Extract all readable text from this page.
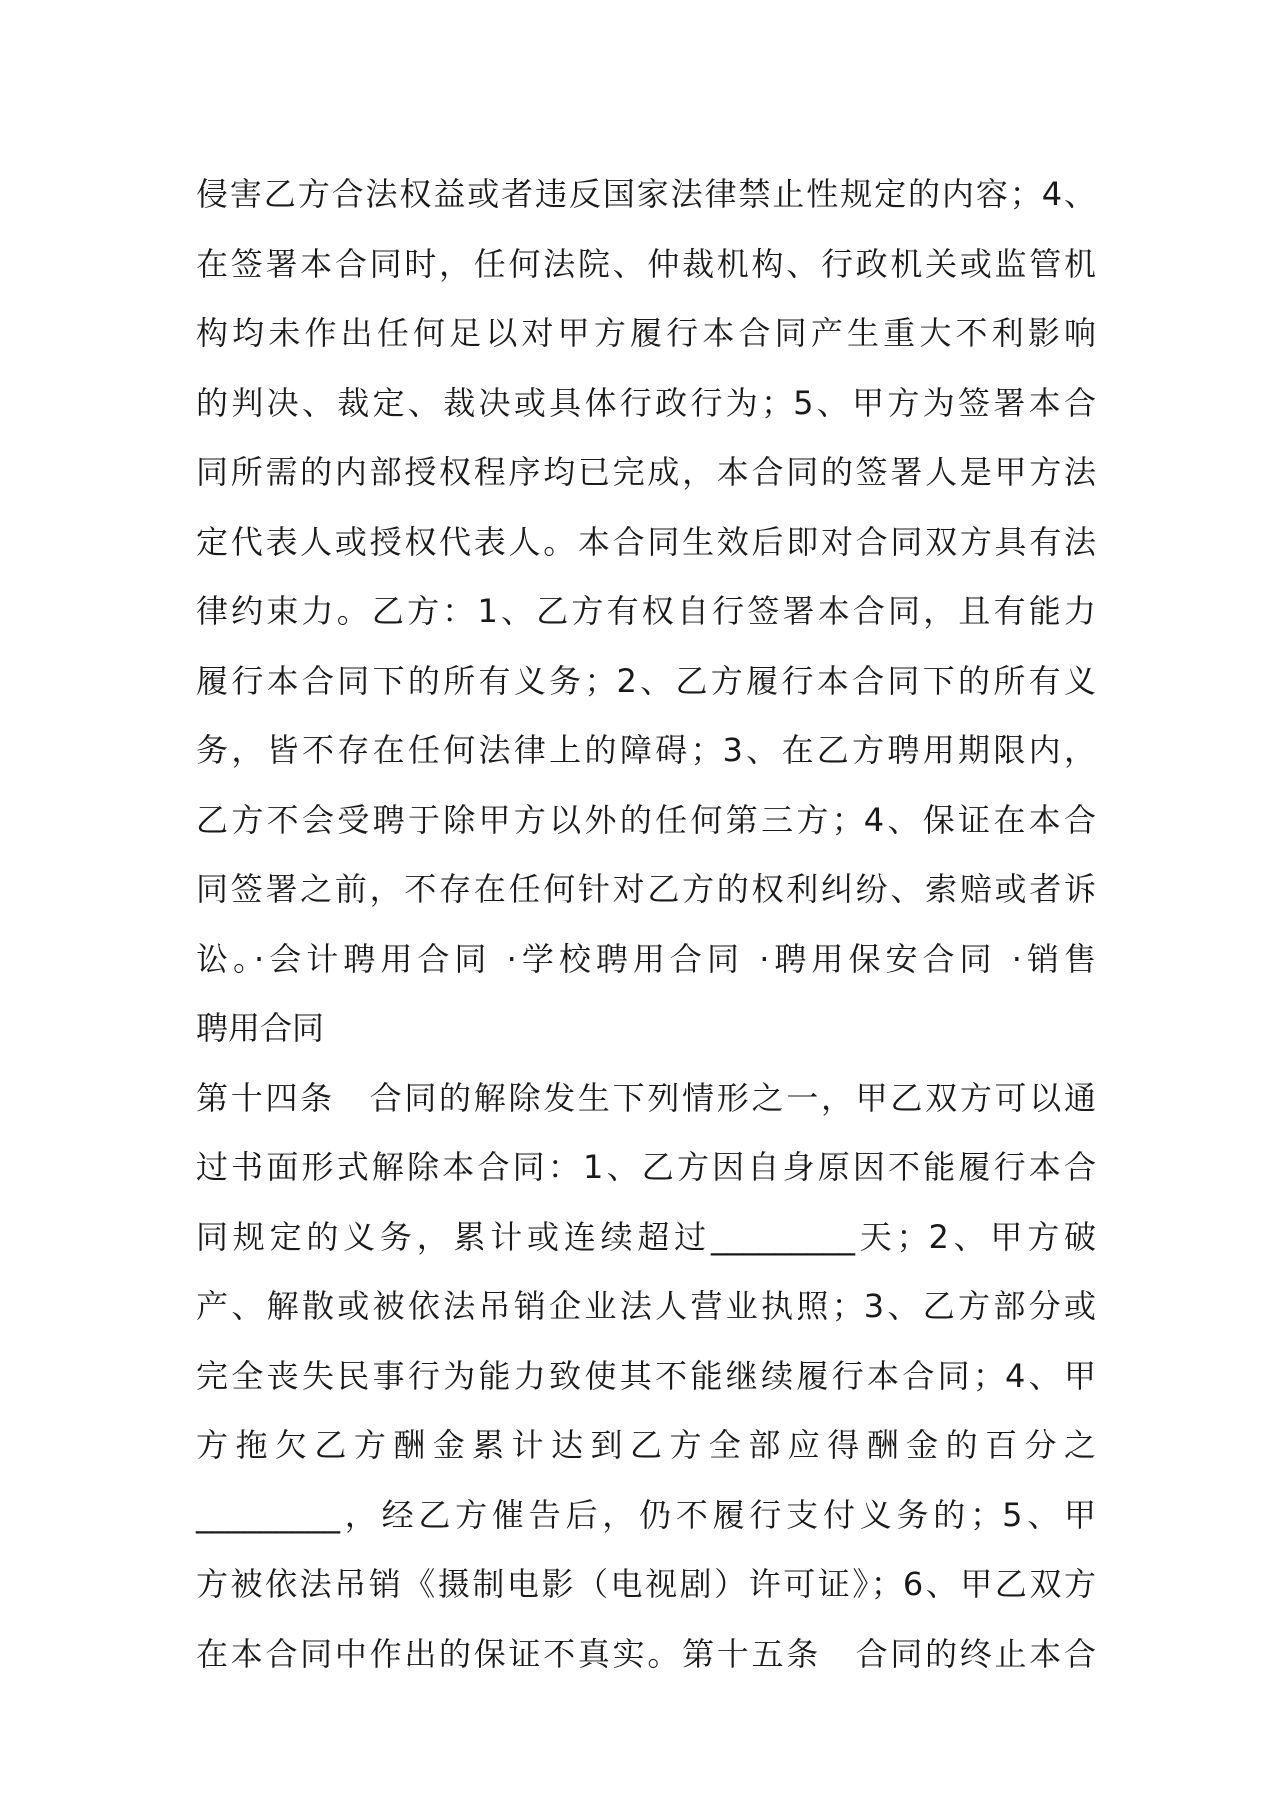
侵害乙方合法权益或者违反国家法律禁止性规定的内容；4、
在签署本合同时，任何法院、仲裁机构、行政机关或监管机
构均未作出任何足以对甲方履行本合同产生重大不利影响
的判决、裁定、裁决或具体行政行为；5、甲方为签署本合
同所需的内部授权程序均已完成，本合同的签署人是甲方法
定代表人或授权代表人。本合同生效后即对合同双方具有法
律约束力。乙方：1、乙方有权自行签署本合同，且有能力
履行本合同下的所有义务；2、乙方履行本合同下的所有义
务，皆不存在任何法律上的障碍；3、在乙方聘用期限内，
乙方不会受聘于除甲方以外的任何第三方；4、保证在本合
同签署之前，不存在任何针对乙方的权利纠纷、索赔或者诉
讼。·会计聘用合同 ·学校聘用合同 ·聘用保安合同 ·销售
聘用合同
第十四条　合同的解除发生下列情形之一，甲乙双方可以通
过书面形式解除本合同：1、乙方因自身原因不能履行本合
同规定的义务，累计或连续超过_________天；2、甲方破
产、解散或被依法吊销企业法人营业执照；3、乙方部分或
完全丧失民事行为能力致使其不能继续履行本合同；4、甲
方拖欠乙方酬金累计达到乙方全部应得酬金的百分之
_________，经乙方催告后，仍不履行支付义务的；5、甲
方被依法吊销《摄制电影（电视剧）许可证》；6、甲乙双方
在本合同中作出的保证不真实。第十五条　合同的终止本合
